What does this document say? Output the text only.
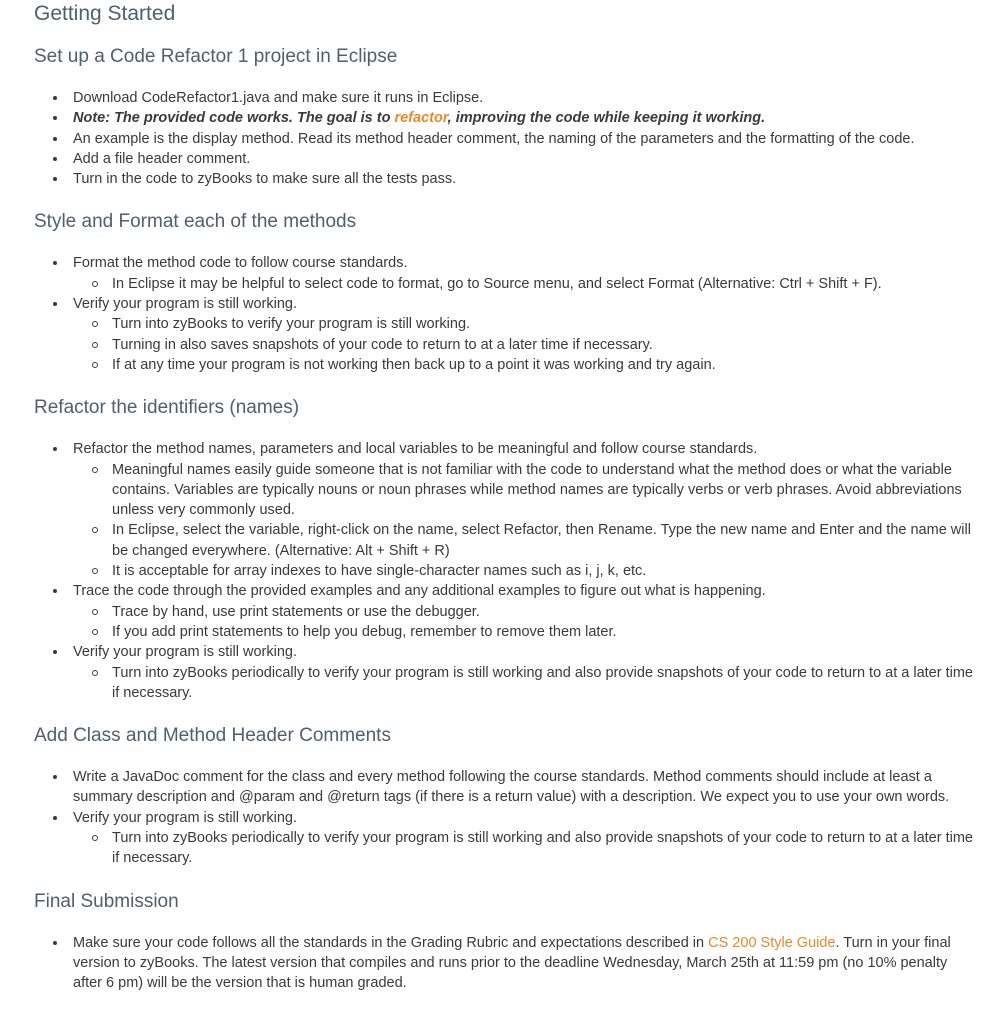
Getting Started
Set up a Code Refactor 1 project in Eclipse
Download CodeRefactor1.java and make sure it runs in Eclipse.
Note: The provided code works. The goal is to refactor, improving the code while keeping it working.
An example is the display method. Read its method header comment, the naming of the parameters and the formatting of the code.
Add a file header comment.
Turn in the code to zyBooks to make sure all the tests pass.
Style and Format each of the methods
Format the method code to follow course standards.
In Eclipse it may be helpful to select code to format, go to Source menu, and select Format (Alternative: Ctrl + Shift + F).
Verify your program is still working.
Turn into zyBooks to verify your program is still working.
Turning in also saves snapshots of your code to return to at a later time if necessary.
If at any time your program is not working then back up to a point it was working and try again.
Refactor the identifiers (names)
Refactor the method names, parameters and local variables to be meaningful and follow course standards.
Meaningful names easily guide someone that is not familiar with the code to understand what the method does or what the variable contains. Variables are typically nouns or noun phrases while method names are typically verbs or verb phrases. Avoid abbreviations unless very commonly used.
In Eclipse, select the variable, right-click on the name, select Refactor, then Rename. Type the new name and Enter and the name will be changed everywhere. (Alternative: Alt + Shift + R)
It is acceptable for array indexes to have single-character names such as i, j, k, etc.
Trace the code through the provided examples and any additional examples to figure out what is happening.
Trace by hand, use print statements or use the debugger.
If you add print statements to help you debug, remember to remove them later.
Verify your program is still working.
Turn into zyBooks periodically to verify your program is still working and also provide snapshots of your code to return to at a later time if necessary.
Add Class and Method Header Comments
Write a JavaDoc comment for the class and every method following the course standards. Method comments should include at least a summary description and @param and @return tags (if there is a return value) with a description. We expect you to use your own words.
Verify your program is still working.
Turn into zyBooks periodically to verify your program is still working and also provide snapshots of your code to return to at a later time if necessary.
Final Submission
Make sure your code follows all the standards in the Grading Rubric and expectations described in CS 200 Style Guide. Turn in your final version to zyBooks. The latest version that compiles and runs prior to the deadline Wednesday, March 25th at 11:59 pm (no 10% penalty after 6 pm) will be the version that is human graded.
